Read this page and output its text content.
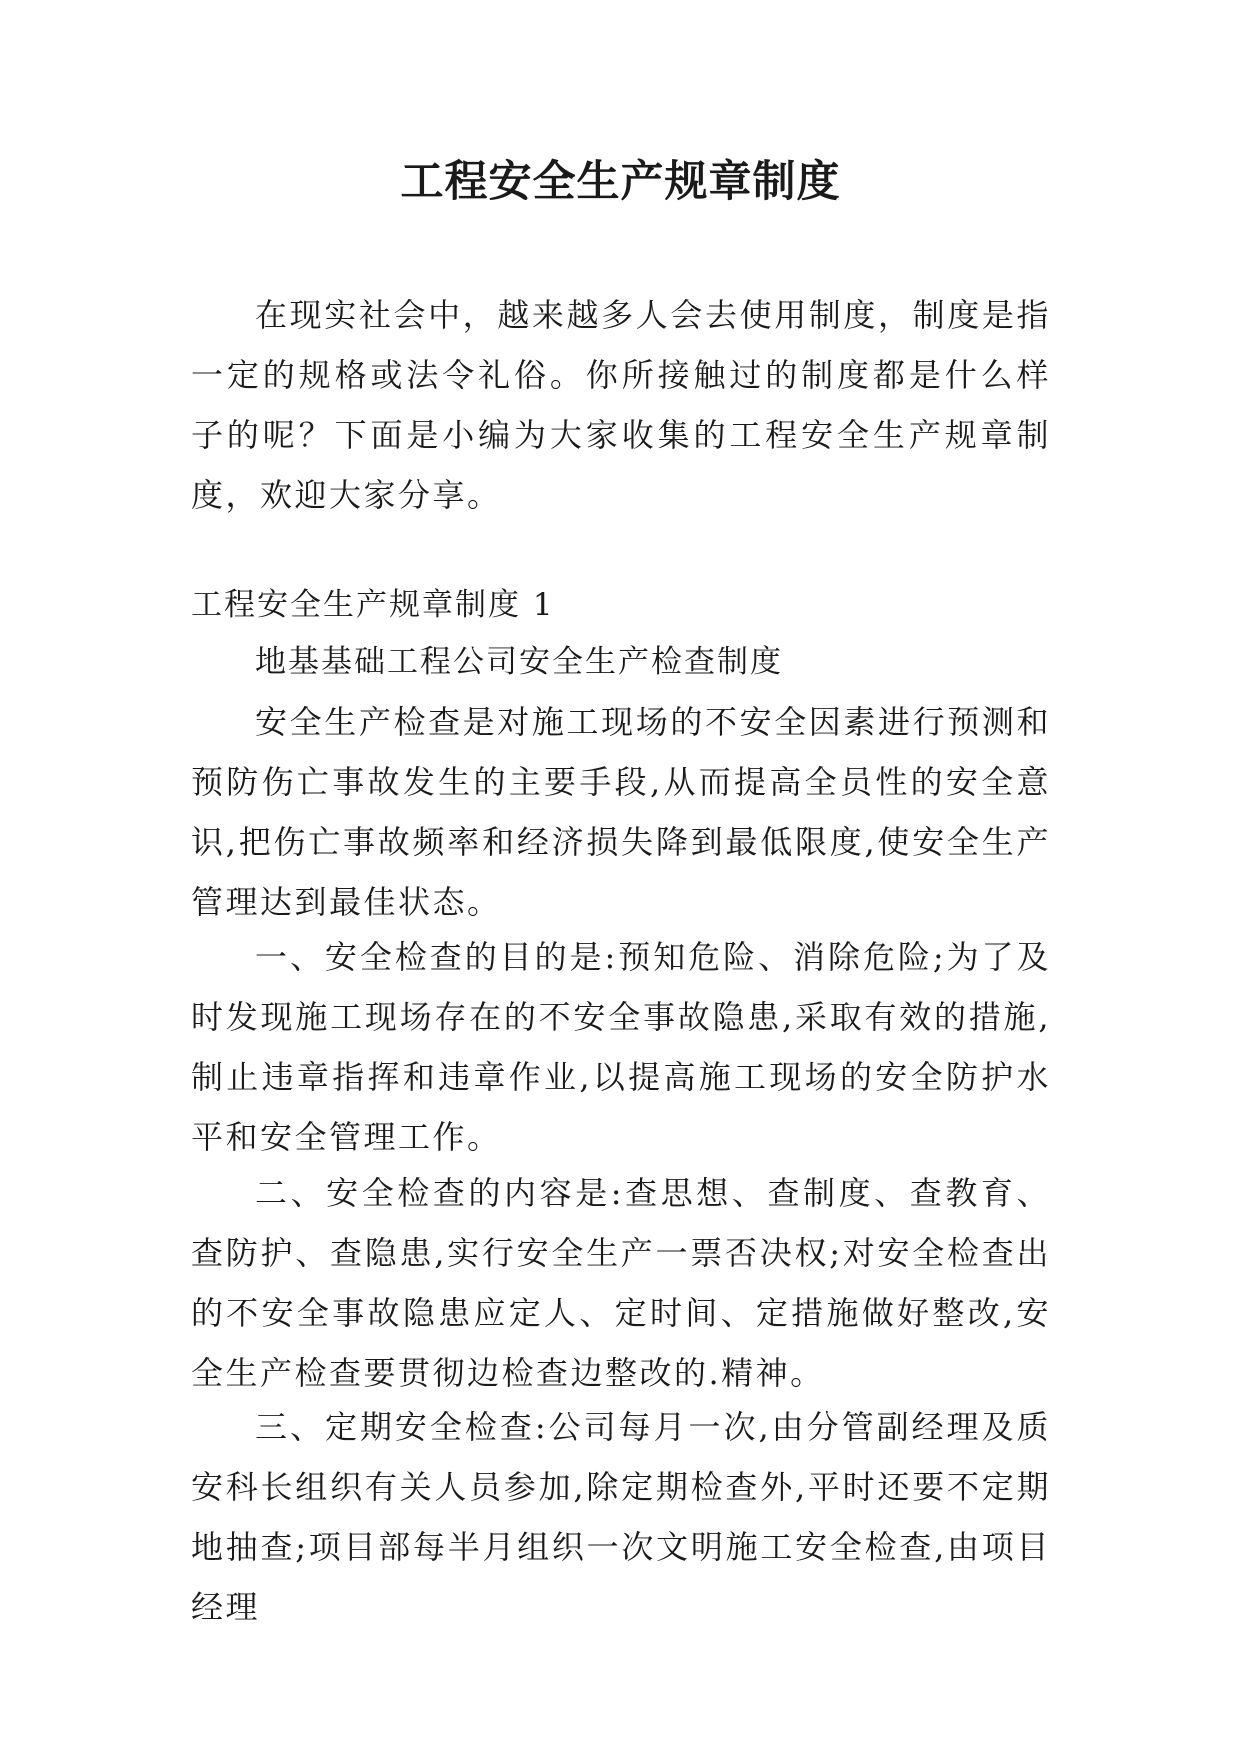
工程安全生产规章制度

在现实社会中，越来越多人会去使用制度，制度是指一定的规格或法令礼俗。你所接触过的制度都是什么样子的呢？下面是小编为大家收集的工程安全生产规章制度，欢迎大家分享。

工程安全生产规章制度 1
地基基础工程公司安全生产检查制度

安全生产检查是对施工现场的不安全因素进行预测和预防伤亡事故发生的主要手段,从而提高全员性的安全意识,把伤亡事故频率和经济损失降到最低限度,使安全生产管理达到最佳状态。

一、安全检查的目的是:预知危险、消除危险;为了及时发现施工现场存在的不安全事故隐患,采取有效的措施,制止违章指挥和违章作业,以提高施工现场的安全防护水平和安全管理工作。

二、安全检查的内容是:查思想、查制度、查教育、查防护、查隐患,实行安全生产一票否决权;对安全检查出的不安全事故隐患应定人、定时间、定措施做好整改,安全生产检查要贯彻边检查边整改的.精神。

三、定期安全检查:公司每月一次,由分管副经理及质安科长组织有关人员参加,除定期检查外,平时还要不定期地抽查;项目部每半月组织一次文明施工安全检查,由项目经理
